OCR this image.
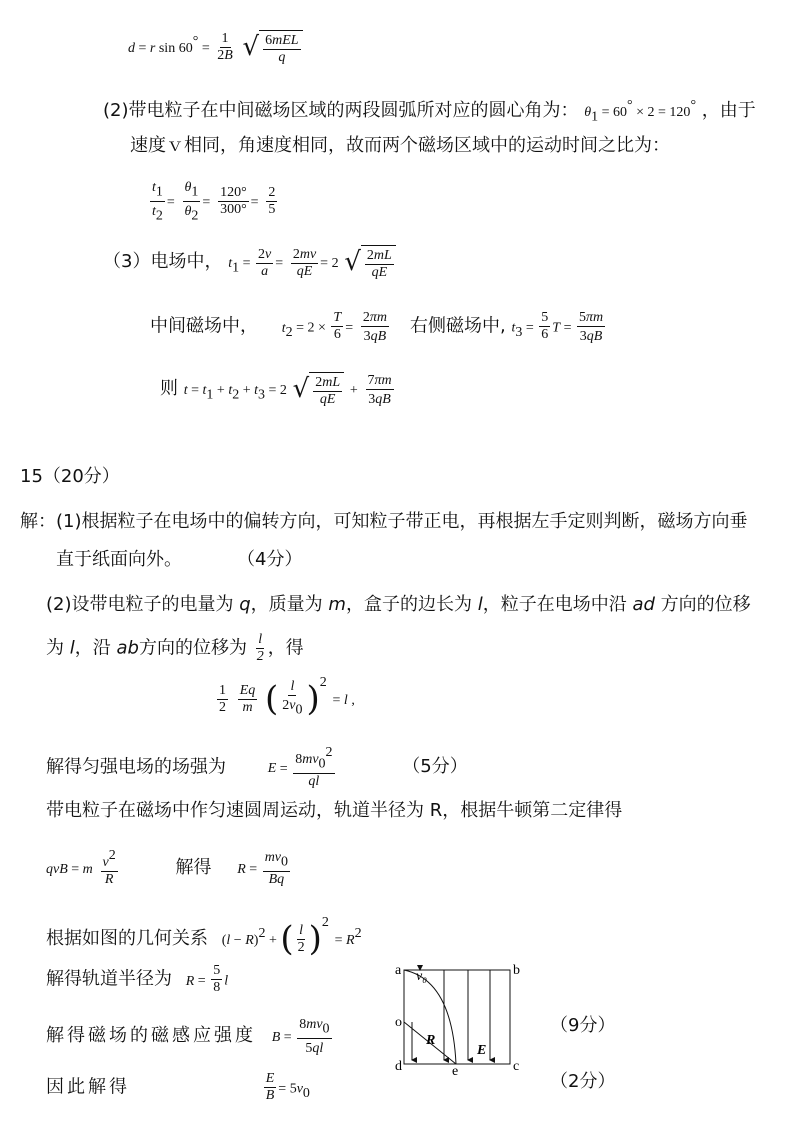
d = r $\sin 60^\circ = \frac{1}{2B}$ √ $\frac{\text{6mEL}}{q}$
(2)带电粒子在中间磁场区域的两段圆弧所对应的圆心角为： $\theta_1 = 60^\circ \times 2 = 120^\circ$ ，由于
速度ｖ相同，角速度相同，故而两个磁场区域中的运动时间之比为：
$\frac{t_1}{t_2} = \frac{\theta_1}{\theta_2} = \frac{120^\circ}{300^\circ} = \frac{2}{5}$
（3）电场中， $t_1 = \frac{2v}{a} = \frac{2mv}{qE} = 2$ √ $\frac{2mL}{qE}$
中间磁场中， $t_2 = 2 \times \frac{T}{6} = \frac{2\pi m}{3qB}$ 右侧磁场中, $t_3 = \frac{5}{6}$ $T = \frac{5\pi m}{3qB}$
则 $t = t_1 + t_2 + t_3 = 2$ √ $\frac{2mL}{qE} + \frac{7\pi m}{3qB}$
15（20分）
解：(1)根据粒子在电场中的偏转方向，可知粒子带正电，再根据左手定则判断，磁场方向垂
直于纸面向外。	（4分）
(2)设带电粒子的电量为 q，质量为 m，盒子的边长为 l，粒子在电场中沿 ad 方向的位移
为 l，沿 ab方向的位移为 $\frac{l}{2}$ ，得
$\frac{1}{2}$
$\frac{Eq}{m}$ ( $\frac{l}{2v_0} )^2 = l$ ,
解得匀强电场的场强为	$E = \frac{8mv_0^2}{ql}$	（5分）
带电粒子在磁场中作匀速圆周运动，轨道半径为 R，根据牛顿第二定律得
qvB = m $\frac{v^2}{R}$	解得 $R = \frac{mv_0}{Bq}$
根据如图的几何关系 (l − R)$^2$ + ( $\frac{l}{2} )^2 = R^2$
解得轨道半径为 $R = \frac{5}{8}$ l
解得磁场的磁感应强度 $B = \frac{8mv_0}{5ql}$	（9分）
因此解得	$\frac{E}{B} = 5v_0$
（2分）
a	b
c
d	e
o
R
E
v₀
